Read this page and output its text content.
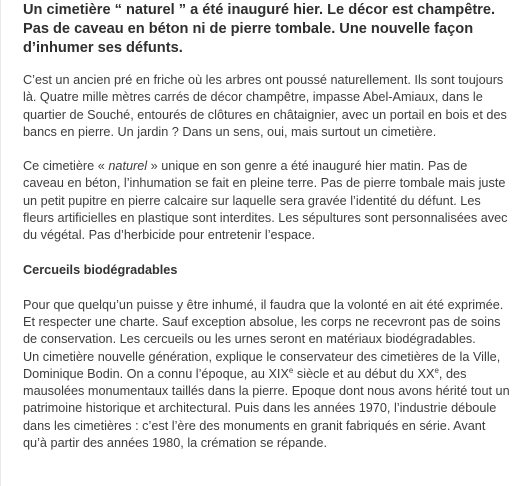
Un cimetière “ naturel ” a été inauguré hier. Le décor est champêtre. Pas de caveau en béton ni de pierre tombale. Une nouvelle façon d’inhumer ses défunts.

C’est un ancien pré en friche où les arbres ont poussé naturellement. Ils sont toujours là. Quatre mille mètres carrés de décor champêtre, impasse Abel-Amiaux, dans le quartier de Souché, entourés de clôtures en châtaignier, avec un portail en bois et des bancs en pierre. Un jardin ? Dans un sens, oui, mais surtout un cimetière.

Ce cimetière « naturel » unique en son genre a été inauguré hier matin. Pas de caveau en béton, l’inhumation se fait en pleine terre. Pas de pierre tombale mais juste un petit pupitre en pierre calcaire sur laquelle sera gravée l’identité du défunt. Les fleurs artificielles en plastique sont interdites. Les sépultures sont personnalisées avec du végétal. Pas d’herbicide pour entretenir l’espace.

Cercueils biodégradables

Pour que quelqu’un puisse y être inhumé, il faudra que la volonté en ait été exprimée. Et respecter une charte. Sauf exception absolue, les corps ne recevront pas de soins de conservation. Les cercueils ou les urnes seront en matériaux biodégradables.

Un cimetière nouvelle génération, explique le conservateur des cimetières de la Ville, Dominique Bodin. On a connu l’époque, au XIXe siècle et au début du XXe, des mausolées monumentaux taillés dans la pierre. Epoque dont nous avons hérité tout un patrimoine historique et architectural. Puis dans les années 1970, l’industrie déboule dans les cimetières : c’est l’ère des monuments en granit fabriqués en série. Avant qu’à partir des années 1980, la crémation se répande.
